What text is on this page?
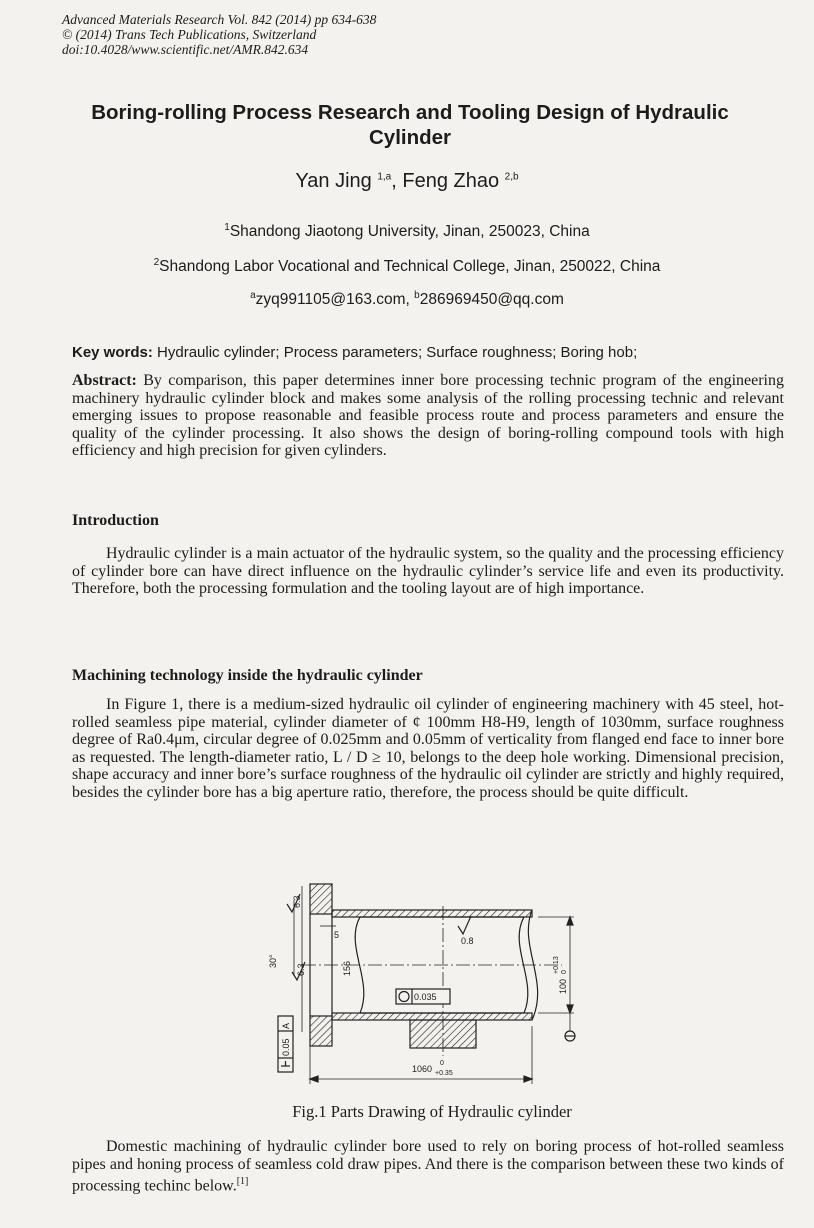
Advanced Materials Research Vol. 842 (2014) pp 634-638
© (2014) Trans Tech Publications, Switzerland
doi:10.4028/www.scientific.net/AMR.842.634
Boring-rolling Process Research and Tooling Design of Hydraulic Cylinder
Yan Jing $^{1,a}$, Feng Zhao $^{2,b}$
$^1$Shandong Jiaotong University, Jinan, 250023, China
$^2$Shandong Labor Vocational and Technical College, Jinan, 250022, China
$^a$zyq991105@163.com, $^b$286969450@qq.com
Key words: Hydraulic cylinder; Process parameters; Surface roughness; Boring hob;
Abstract: By comparison, this paper determines inner bore processing technic program of the engineering machinery hydraulic cylinder block and makes some analysis of the rolling processing technic and relevant emerging issues to propose reasonable and feasible process route and process parameters and ensure the quality of the cylinder processing. It also shows the design of boring-rolling compound tools with high efficiency and high precision for given cylinders.
Introduction
Hydraulic cylinder is a main actuator of the hydraulic system, so the quality and the processing efficiency of cylinder bore can have direct influence on the hydraulic cylinder’s service life and even its productivity. Therefore, both the processing formulation and the tooling layout are of high importance.
Machining technology inside the hydraulic cylinder
In Figure 1, there is a medium-sized hydraulic oil cylinder of engineering machinery with 45 steel, hot-rolled seamless pipe material, cylinder diameter of ¢ 100mm H8-H9, length of 1030mm, surface roughness degree of Ra0.4μm, circular degree of 0.025mm and 0.05mm of verticality from flanged end face to inner bore as requested. The length-diameter ratio, L / D ≥ 10, belongs to the deep hole working. Dimensional precision, shape accuracy and inner bore’s surface roughness of the hydraulic oil cylinder are strictly and highly required, besides the cylinder bore has a big aperture ratio, therefore, the process should be quite difficult.
30°
6.3
6.3
5
156
0.8
0.035
0.05
A
1060
0
+0.35
100
+0.13 0
Fig.1 Parts Drawing of Hydraulic cylinder
Domestic machining of hydraulic cylinder bore used to rely on boring process of hot-rolled seamless pipes and honing process of seamless cold draw pipes. And there is the comparison between these two kinds of processing techinc below.[1]
